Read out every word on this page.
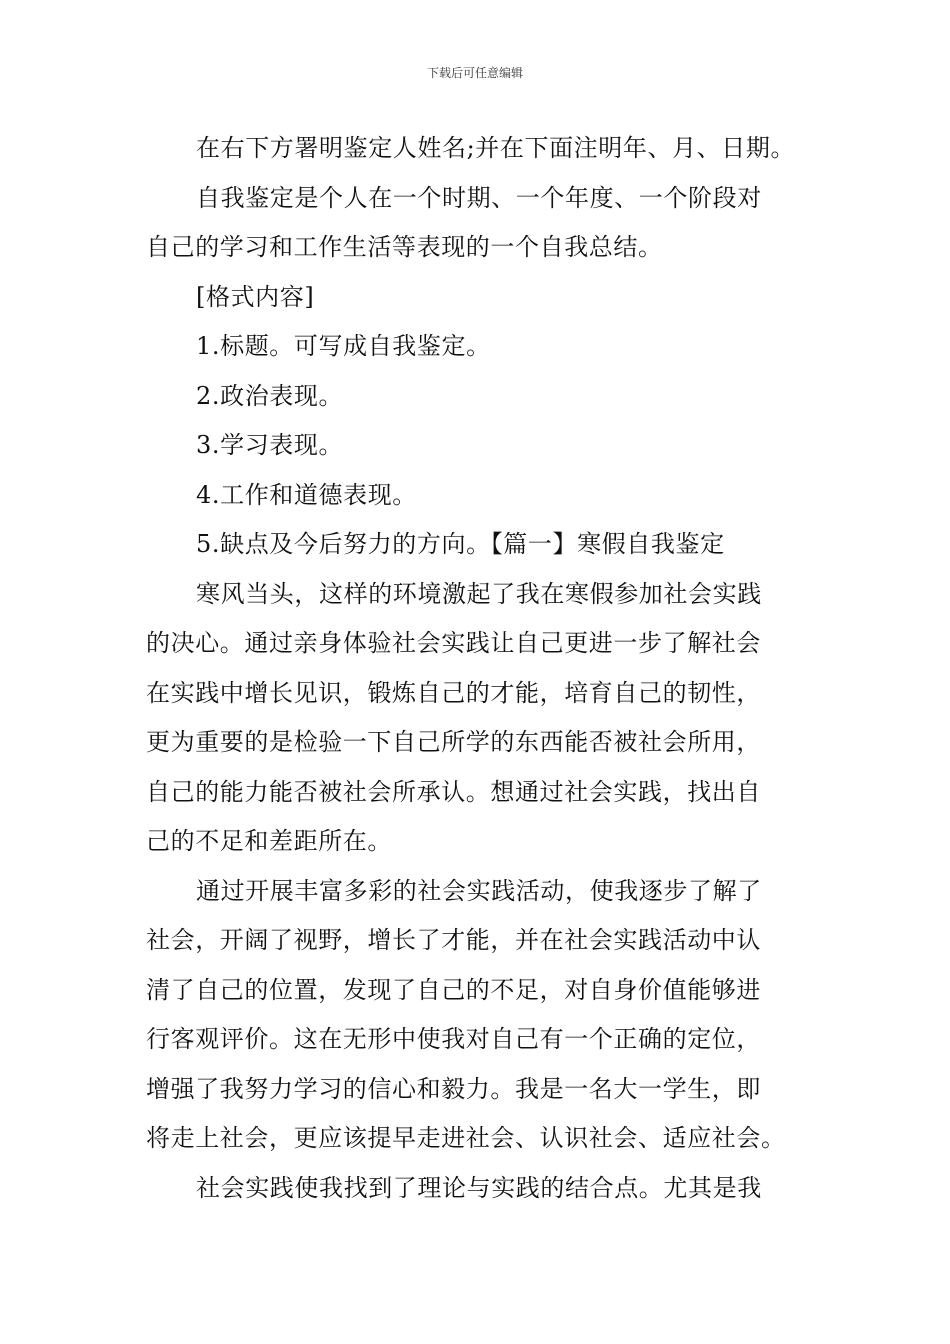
下载后可任意编辑
在右下方署明鉴定人姓名;并在下面注明年、月、日期。
自我鉴定是个人在一个时期、一个年度、一个阶段对
自己的学习和工作生活等表现的一个自我总结。
[格式内容]
1.标题。可写成自我鉴定。
2.政治表现。
3.学习表现。
4.工作和道德表现。
5.缺点及今后努力的方向。【篇一】寒假自我鉴定
寒风当头，这样的环境激起了我在寒假参加社会实践
的决心。通过亲身体验社会实践让自己更进一步了解社会
在实践中增长见识，锻炼自己的才能，培育自己的韧性，
更为重要的是检验一下自己所学的东西能否被社会所用，
自己的能力能否被社会所承认。想通过社会实践，找出自
己的不足和差距所在。
通过开展丰富多彩的社会实践活动，使我逐步了解了
社会，开阔了视野，增长了才能，并在社会实践活动中认
清了自己的位置，发现了自己的不足，对自身价值能够进
行客观评价。这在无形中使我对自己有一个正确的定位，
增强了我努力学习的信心和毅力。我是一名大一学生，即
将走上社会，更应该提早走进社会、认识社会、适应社会。
社会实践使我找到了理论与实践的结合点。尤其是我
